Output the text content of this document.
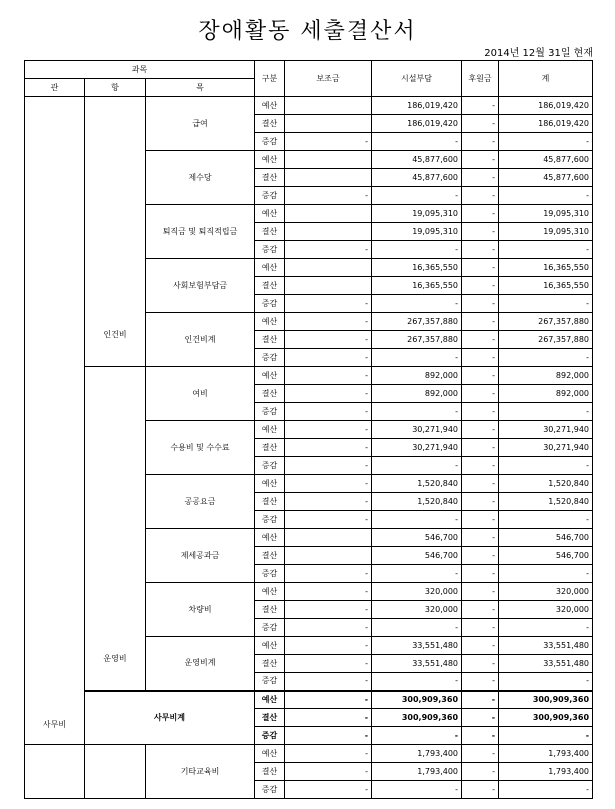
장애활동 세출결산서
2014년 12월 31일 현재
과목			구분	보조금	시설부담	후원금	계
관	항	목					
사무비	인건비	급여	예산		186,019,420	-	186,019,420
			결산		186,019,420	-	186,019,420
			증감	-	-	-	-
		제수당	예산		45,877,600	-	45,877,600
			결산		45,877,600	-	45,877,600
			증감	-	-	-	-
		퇴직금 및 퇴직적립금	예산		19,095,310	-	19,095,310
			결산		19,095,310	-	19,095,310
			증감	-	-	-	-
		사회보험부담금	예산		16,365,550	-	16,365,550
			결산		16,365,550	-	16,365,550
			증감	-	-	-	-
		인건비계	예산	-	267,357,880	-	267,357,880
			결산	-	267,357,880	-	267,357,880
			증감	-	-	-	-
	운영비	여비	예산	-	892,000	-	892,000
			결산	-	892,000	-	892,000
			증감	-	-	-	-
		수용비 및 수수료	예산	-	30,271,940	-	30,271,940
			결산	-	30,271,940	-	30,271,940
			증감	-	-	-	-
		공공요금	예산	-	1,520,840	-	1,520,840
			결산	-	1,520,840	-	1,520,840
			증감	-	-	-	-
		제세공과금	예산		546,700	-	546,700
			결산		546,700	-	546,700
			증감	-	-	-	-
		차량비	예산	-	320,000	-	320,000
			결산	-	320,000	-	320,000
			증감	-	-	-	-
		운영비계	예산	-	33,551,480	-	33,551,480
			결산	-	33,551,480	-	33,551,480
			증감	-	-	-	-
	사무비계		예산	-	300,909,360	-	300,909,360
			결산	-	300,909,360	-	300,909,360
			증감	-	-	-	-
		기타교육비	예산	-	1,793,400	-	1,793,400
			결산	-	1,793,400	-	1,793,400
			증감	-	-	-	-
